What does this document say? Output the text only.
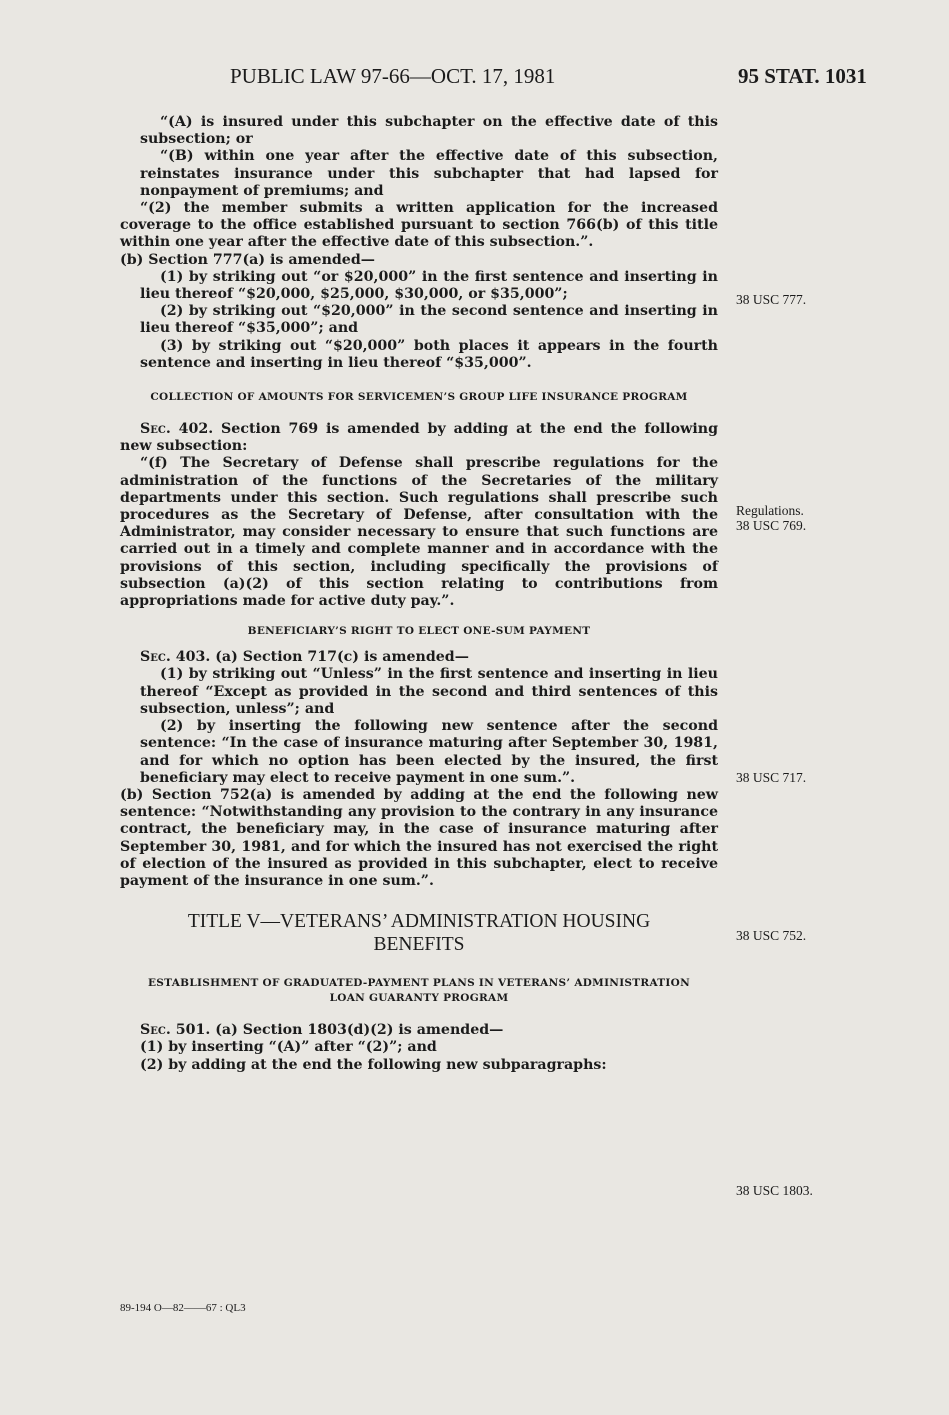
PUBLIC LAW 97-66—OCT. 17, 1981	95 STAT. 1031

“(A) is insured under this subchapter on the effective date of this subsection; or

“(B) within one year after the effective date of this subsection, reinstates insurance under this subchapter that had lapsed for nonpayment of premiums; and

“(2) the member submits a written application for the increased coverage to the office established pursuant to section 766(b) of this title within one year after the effective date of this subsection.”.

(b) Section 777(a) is amended—

(1) by striking out “or $20,000” in the first sentence and inserting in lieu thereof “$20,000, $25,000, $30,000, or $35,000”;

(2) by striking out “$20,000” in the second sentence and inserting in lieu thereof “$35,000”; and

(3) by striking out “$20,000” both places it appears in the fourth sentence and inserting in lieu thereof “$35,000”.

COLLECTION OF AMOUNTS FOR SERVICEMEN’S GROUP LIFE INSURANCE PROGRAM

Sec. 402. Section 769 is amended by adding at the end the following new subsection:

“(f) The Secretary of Defense shall prescribe regulations for the administration of the functions of the Secretaries of the military departments under this section. Such regulations shall prescribe such procedures as the Secretary of Defense, after consultation with the Administrator, may consider necessary to ensure that such functions are carried out in a timely and complete manner and in accordance with the provisions of this section, including specifically the provisions of subsection (a)(2) of this section relating to contributions from appropriations made for active duty pay.”.

BENEFICIARY’S RIGHT TO ELECT ONE-SUM PAYMENT

Sec. 403. (a) Section 717(c) is amended—

(1) by striking out “Unless” in the first sentence and inserting in lieu thereof “Except as provided in the second and third sentences of this subsection, unless”; and

(2) by inserting the following new sentence after the second sentence: “In the case of insurance maturing after September 30, 1981, and for which no option has been elected by the insured, the first beneficiary may elect to receive payment in one sum.”.

(b) Section 752(a) is amended by adding at the end the following new sentence: “Notwithstanding any provision to the contrary in any insurance contract, the beneficiary may, in the case of insurance maturing after September 30, 1981, and for which the insured has not exercised the right of election of the insured as provided in this subchapter, elect to receive payment of the insurance in one sum.”.

TITLE V—VETERANS’ ADMINISTRATION HOUSING BENEFITS

ESTABLISHMENT OF GRADUATED-PAYMENT PLANS IN VETERANS’ ADMINISTRATION LOAN GUARANTY PROGRAM

Sec. 501. (a) Section 1803(d)(2) is amended—

(1) by inserting “(A)” after “(2)”; and

(2) by adding at the end the following new subparagraphs:

38 USC 777.
Regulations.
38 USC 769.
38 USC 717.
38 USC 752.
38 USC 1803.
89-194 O—82——67 : QL3
